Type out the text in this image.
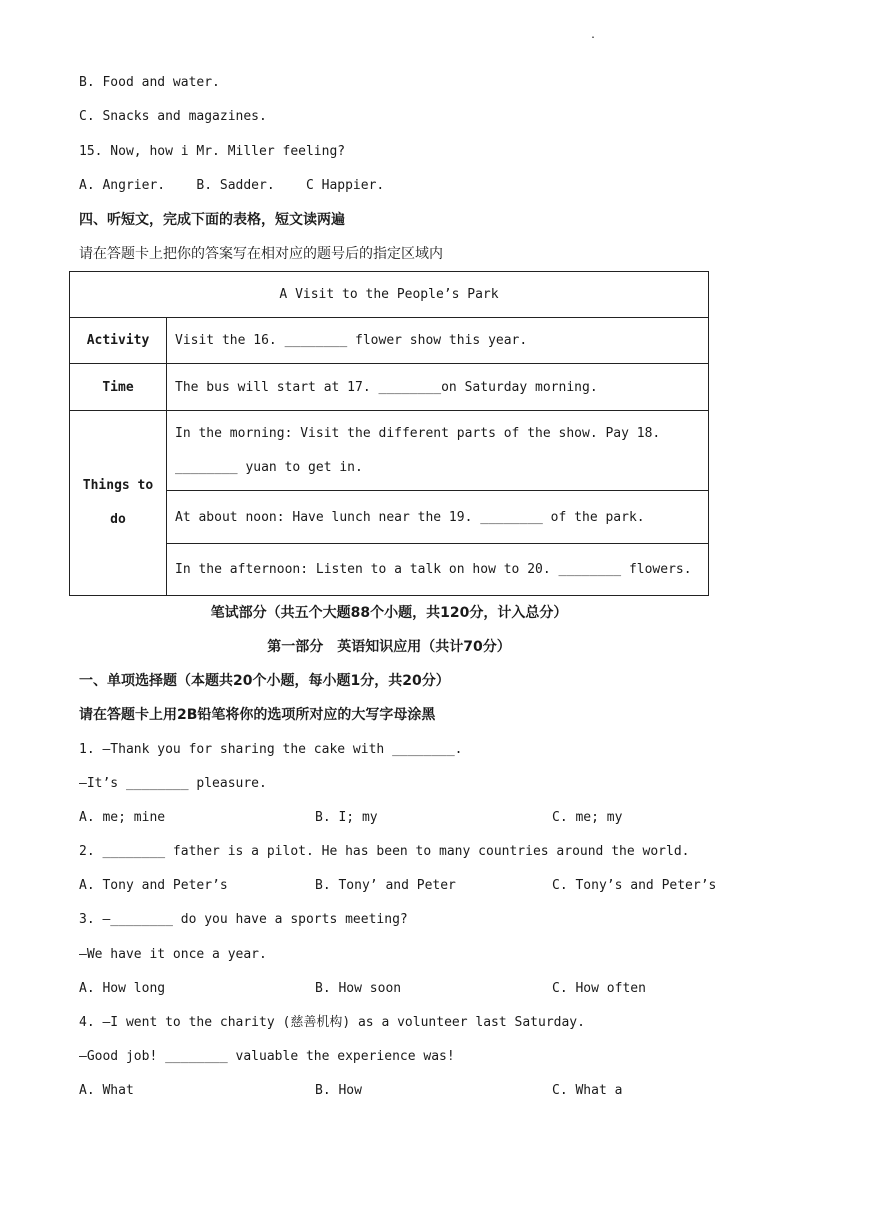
.
B. Food and water.
C. Snacks and magazines.
15. Now, how i Mr. Miller feeling?
A. Angrier.    B. Sadder.    C Happier.
四、听短文，完成下面的表格，短文读两遍
请在答题卡上把你的答案写在相对应的题号后的指定区域内
A Visit to the People’s Park	
Activity	Visit the 16. ________ flower show this year.
Time	The bus will start at 17. ________on Saturday morning.
Things to do	In the morning: Visit the different parts of the show. Pay 18. ________ yuan to get in.
	At about noon: Have lunch near the 19. ________ of the park.
	In the afternoon: Listen to a talk on how to 20. ________ flowers.
笔试部分（共五个大题88个小题，共120分，计入总分）
第一部分　英语知识应用（共计70分）
一、单项选择题（本题共20个小题，每小题1分，共20分）
请在答题卡上用2B铅笔将你的选项所对应的大写字母涂黑
1. —Thank you for sharing the cake with ________.
—It’s ________ pleasure.
A. me; mine	B. I; my	C. me; my
2. ________ father is a pilot. He has been to many countries around the world.
A. Tony and Peter’s	B. Tony’ and Peter	C. Tony’s and Peter’s
3. —________ do you have a sports meeting?
—We have it once a year.
A. How long	B. How soon	C. How often
4. —I went to the charity (慈善机构) as a volunteer last Saturday.
—Good job! ________ valuable the experience was!
A. What	B. How	C. What a
